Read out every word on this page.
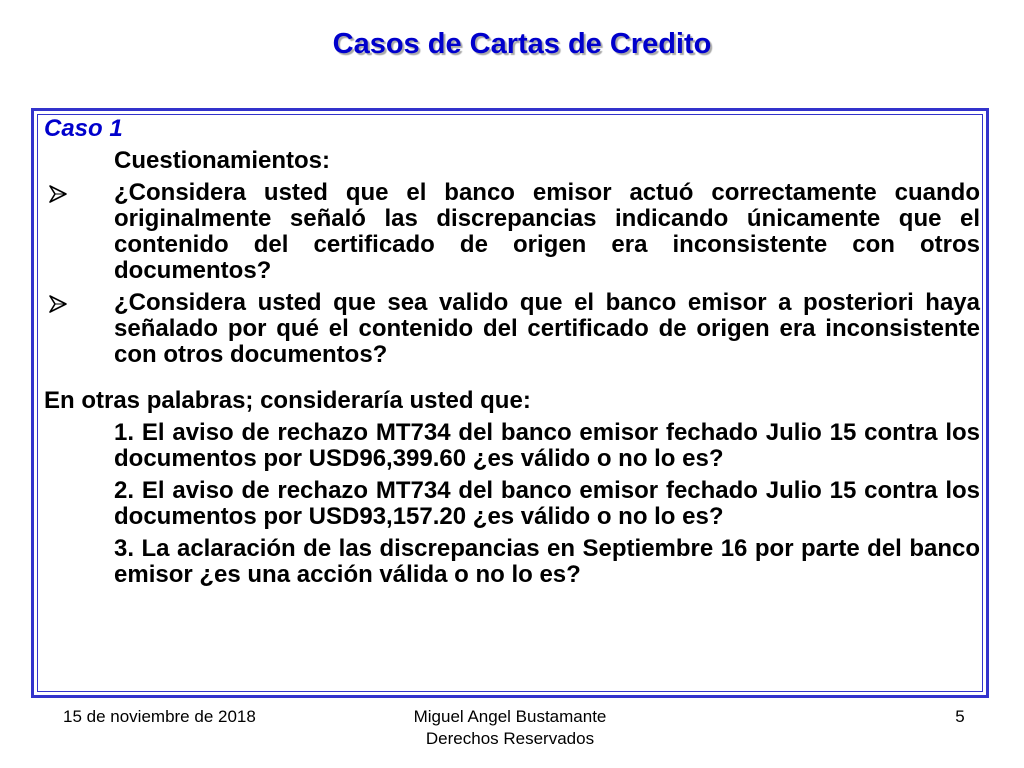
Casos de Cartas de Credito
Caso 1
Cuestionamientos:
¿Considera usted que el banco emisor actuó correctamente cuando originalmente señaló las discrepancias indicando únicamente que el contenido del certificado de origen era inconsistente con otros documentos?
¿Considera usted que sea valido que el banco emisor a posteriori haya señalado por qué el contenido del certificado de origen era inconsistente con otros documentos?
En otras palabras; consideraría usted que:
1. El aviso de rechazo MT734 del banco emisor fechado Julio 15 contra los documentos por USD96,399.60 ¿es válido o no lo es?
2. El aviso de rechazo MT734 del banco emisor fechado Julio 15 contra los documentos por USD93,157.20 ¿es válido o no lo es?
3. La aclaración de las discrepancias en Septiembre 16 por parte del banco emisor ¿es una acción válida o no lo es?
15 de noviembre de 2018	Miguel Angel Bustamante
Derechos Reservados
5
